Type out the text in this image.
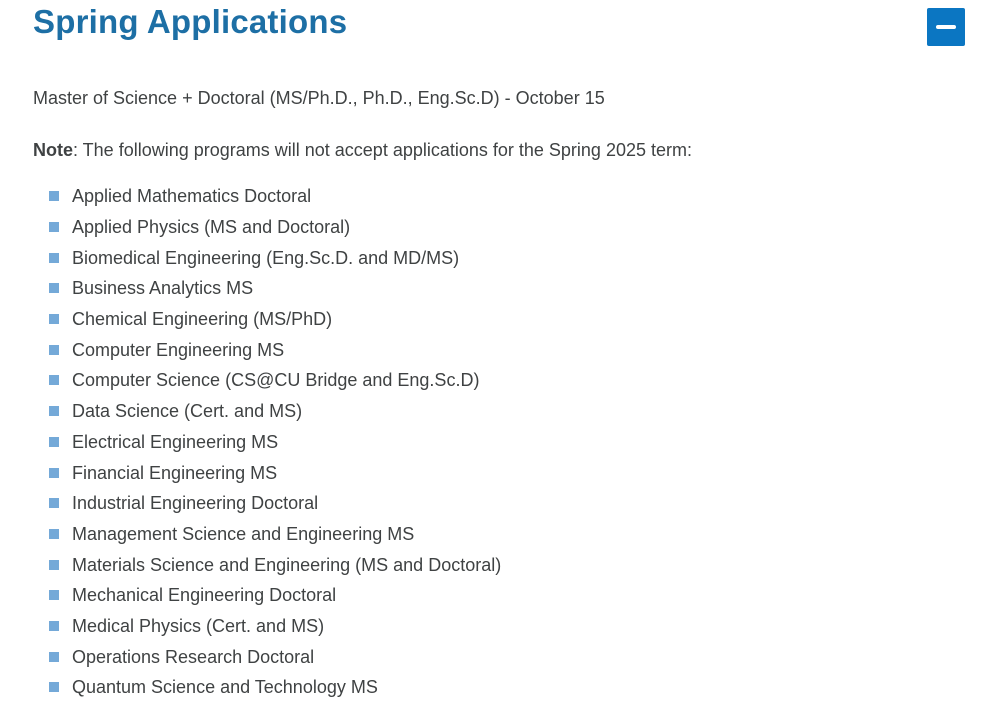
Spring Applications

Master of Science + Doctoral (MS/Ph.D., Ph.D., Eng.Sc.D) - October 15

Note: The following programs will not accept applications for the Spring 2025 term:

Applied Mathematics Doctoral
Applied Physics (MS and Doctoral)
Biomedical Engineering (Eng.Sc.D. and MD/MS)
Business Analytics MS
Chemical Engineering (MS/PhD)
Computer Engineering MS
Computer Science (CS@CU Bridge and Eng.Sc.D)
Data Science (Cert. and MS)
Electrical Engineering MS
Financial Engineering MS
Industrial Engineering Doctoral
Management Science and Engineering MS
Materials Science and Engineering (MS and Doctoral)
Mechanical Engineering Doctoral
Medical Physics (Cert. and MS)
Operations Research Doctoral
Quantum Science and Technology MS
